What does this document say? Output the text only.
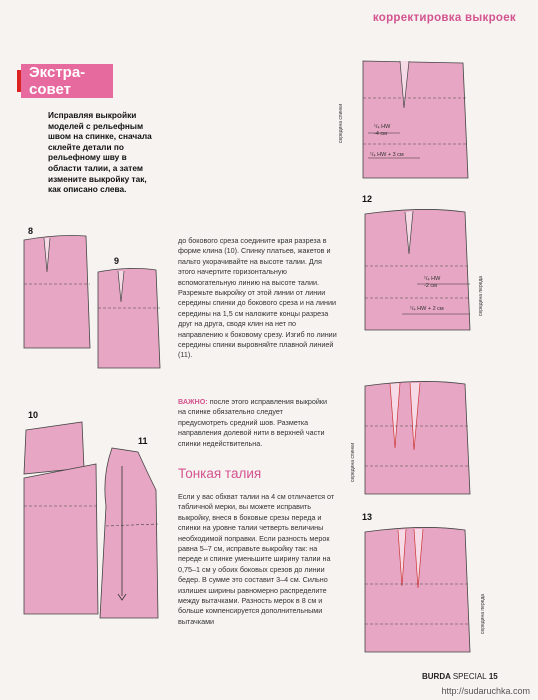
корректировка выкроек
Экстра-
совет
Исправляя выкройки моделей с рельефным швом на спинке, сначала склейте детали по рельефному шву в области талии, а затем измените выкройку так, как описано слева.
¹/₄ HW
-4 см
¹/₄ HW + 3 см
середина спинки
12
¹/₄ HW
-2 см
¹/₄ HW + 2 см	середина переда
середина спинки
13
середина переда
8
9
10
11
до бокового среза соедините края разреза в форме клина (10). Спинку платьев, жакетов и пальто укорачивайте на высоте талии. Для этого начертите горизонтальную вспомогательную линию на высоте талии. Разрежьте выкройку от этой линии от линии середины спинки до бокового среза и на линии середины на 1,5 см наложите концы разреза друг на друга, сводя клин на нет по направлению к боковому срезу. Изгиб по линии середины спинки выровняйте плавной линией (11).
ВАЖНО: после этого исправления выкройки на спинке обязательно следует предусмотреть средний шов. Разметка направления долевой нити в верхней части спинки недействительна.
Тонкая талия
Если у вас обхват талии на 4 см отличается от табличной мерки, вы можете исправить выкройку, внеся в боковые срезы переда и спинки на уровне талии четверть величины необходимой поправки. Если разность мерок равна 5–7 см, исправьте выкройку так: на переде и спинке уменьшите ширину талии на 0,75–1 см у обоих боковых срезов до линии бедер. В сумме это составит 3–4 см. Сильно излишек ширины равномерно распределите между вытачками. Разность мерок в 8 см и больше компенсируется дополнительными вытачками
BURDA SPECIAL 15
http://sudaruchka.com
